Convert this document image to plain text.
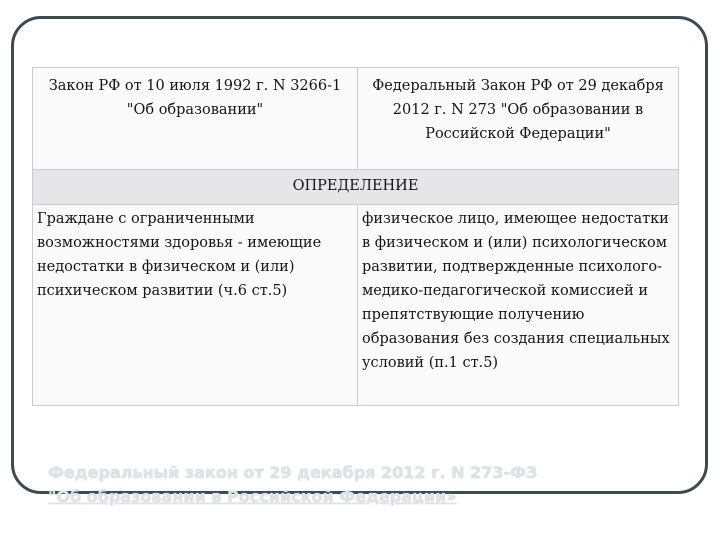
Закон РФ от 10 июля 1992 г. N 3266-1 "Об образовании"
Федеральный Закон РФ от 29 декабря 2012 г. N 273 "Об образовании в Российской Федерации"
ОПРЕДЕЛЕНИЕ
Граждане с ограниченными возможностями здоровья - имеющие недостатки в физическом и (или) психическом развитии (ч.6 ст.5)
физическое лицо, имеющее недостатки в физическом и (или) психологическом развитии, подтвержденные психолого-медико-педагогической комиссией и препятствующие получению образования без создания специальных условий (п.1 ст.5)
Федеральный закон от 29 декабря 2012 г. N 273-ФЗ
"Об образовании в Российской Федерации»
